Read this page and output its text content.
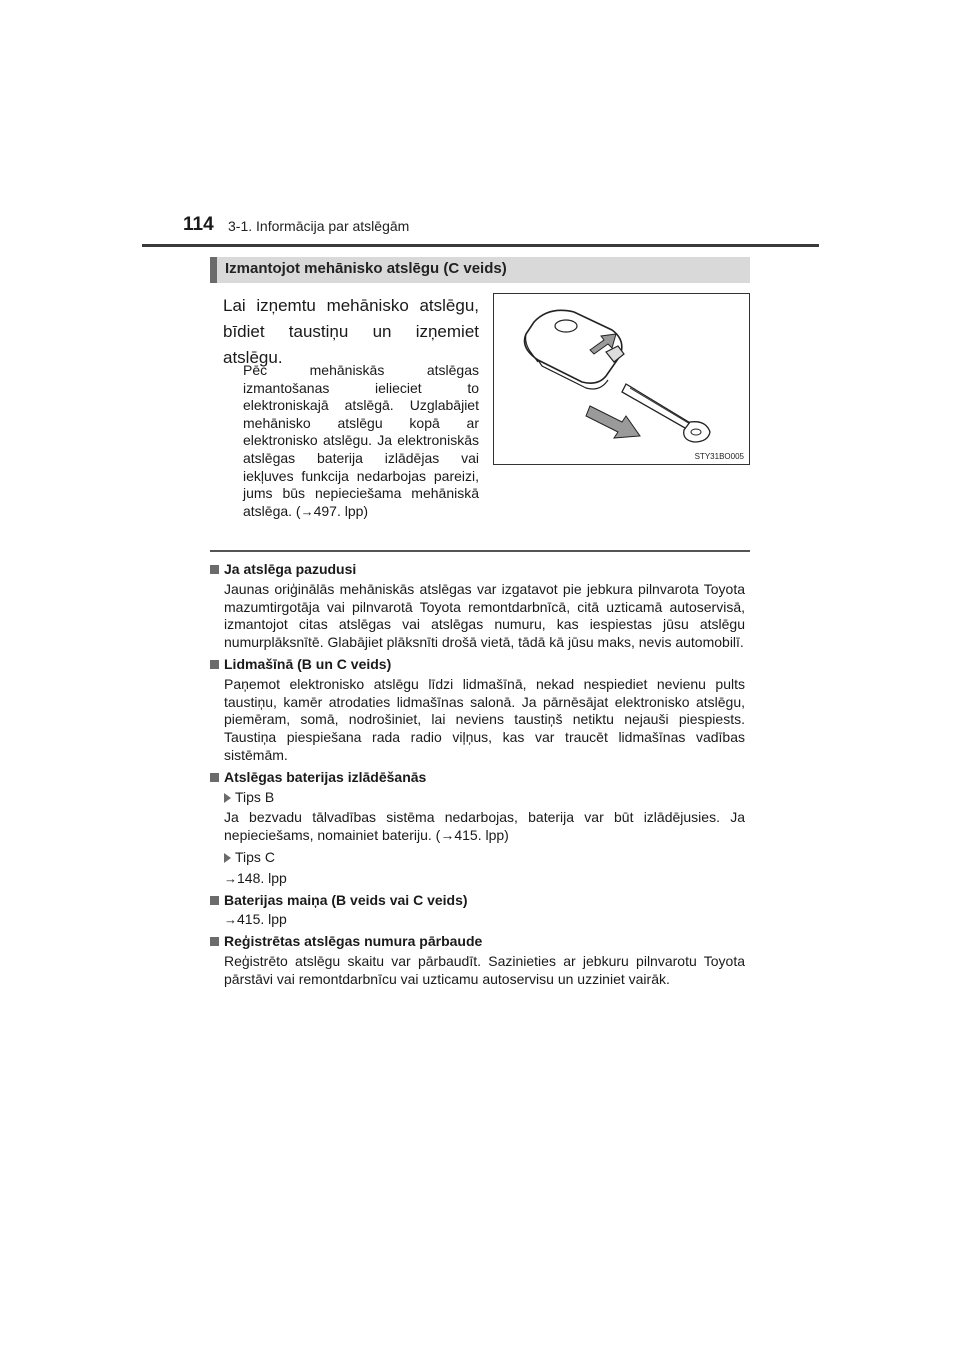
114 3-1. Informācija par atslēgām
Izmantojot mehānisko atslēgu (C veids)
Lai izņemtu mehānisko atslēgu, bīdiet taustiņu un izņemiet atslēgu.
Pēc mehāniskās atslēgas izmantošanas ielieciet to elektroniskajā atslēgā. Uzglabājiet mehānisko atslēgu kopā ar elektronisko atslēgu. Ja elektroniskās atslēgas baterija izlādējas vai iekļuves funkcija nedarbojas pareizi, jums būs nepieciešama mehāniskā atslēga. (→497. lpp)
STY31BO005
Ja atslēga pazudusi
Jaunas oriģinālās mehāniskās atslēgas var izgatavot pie jebkura pilnvarota Toyota mazumtirgotāja vai pilnvarotā Toyota remontdarbnīcā, citā uzticamā autoservisā, izmantojot citas atslēgas vai atslēgas numuru, kas iespiestas jūsu atslēgu numurplāksnītē. Glabājiet plāksnīti drošā vietā, tādā kā jūsu maks, nevis automobilī.
Lidmašīnā (B un C veids)
Paņemot elektronisko atslēgu līdzi lidmašīnā, nekad nespiediet nevienu pults taustiņu, kamēr atrodaties lidmašīnas salonā. Ja pārnēsājat elektronisko atslēgu, piemēram, somā, nodrošiniet, lai neviens taustiņš netiktu nejauši piespiests. Taustiņa piespiešana rada radio viļņus, kas var traucēt lidmašīnas vadības sistēmām.
Atslēgas baterijas izlādēšanās
Tips B
Ja bezvadu tālvadības sistēma nedarbojas, baterija var būt izlādējusies. Ja nepieciešams, nomainiet bateriju. (→415. lpp)
Tips C
→148. lpp
Baterijas maiņa (B veids vai C veids)
→415. lpp
Reģistrētas atslēgas numura pārbaude
Reģistrēto atslēgu skaitu var pārbaudīt. Sazinieties ar jebkuru pilnvarotu Toyota pārstāvi vai remontdarbnīcu vai uzticamu autoservisu un uzziniet vairāk.
